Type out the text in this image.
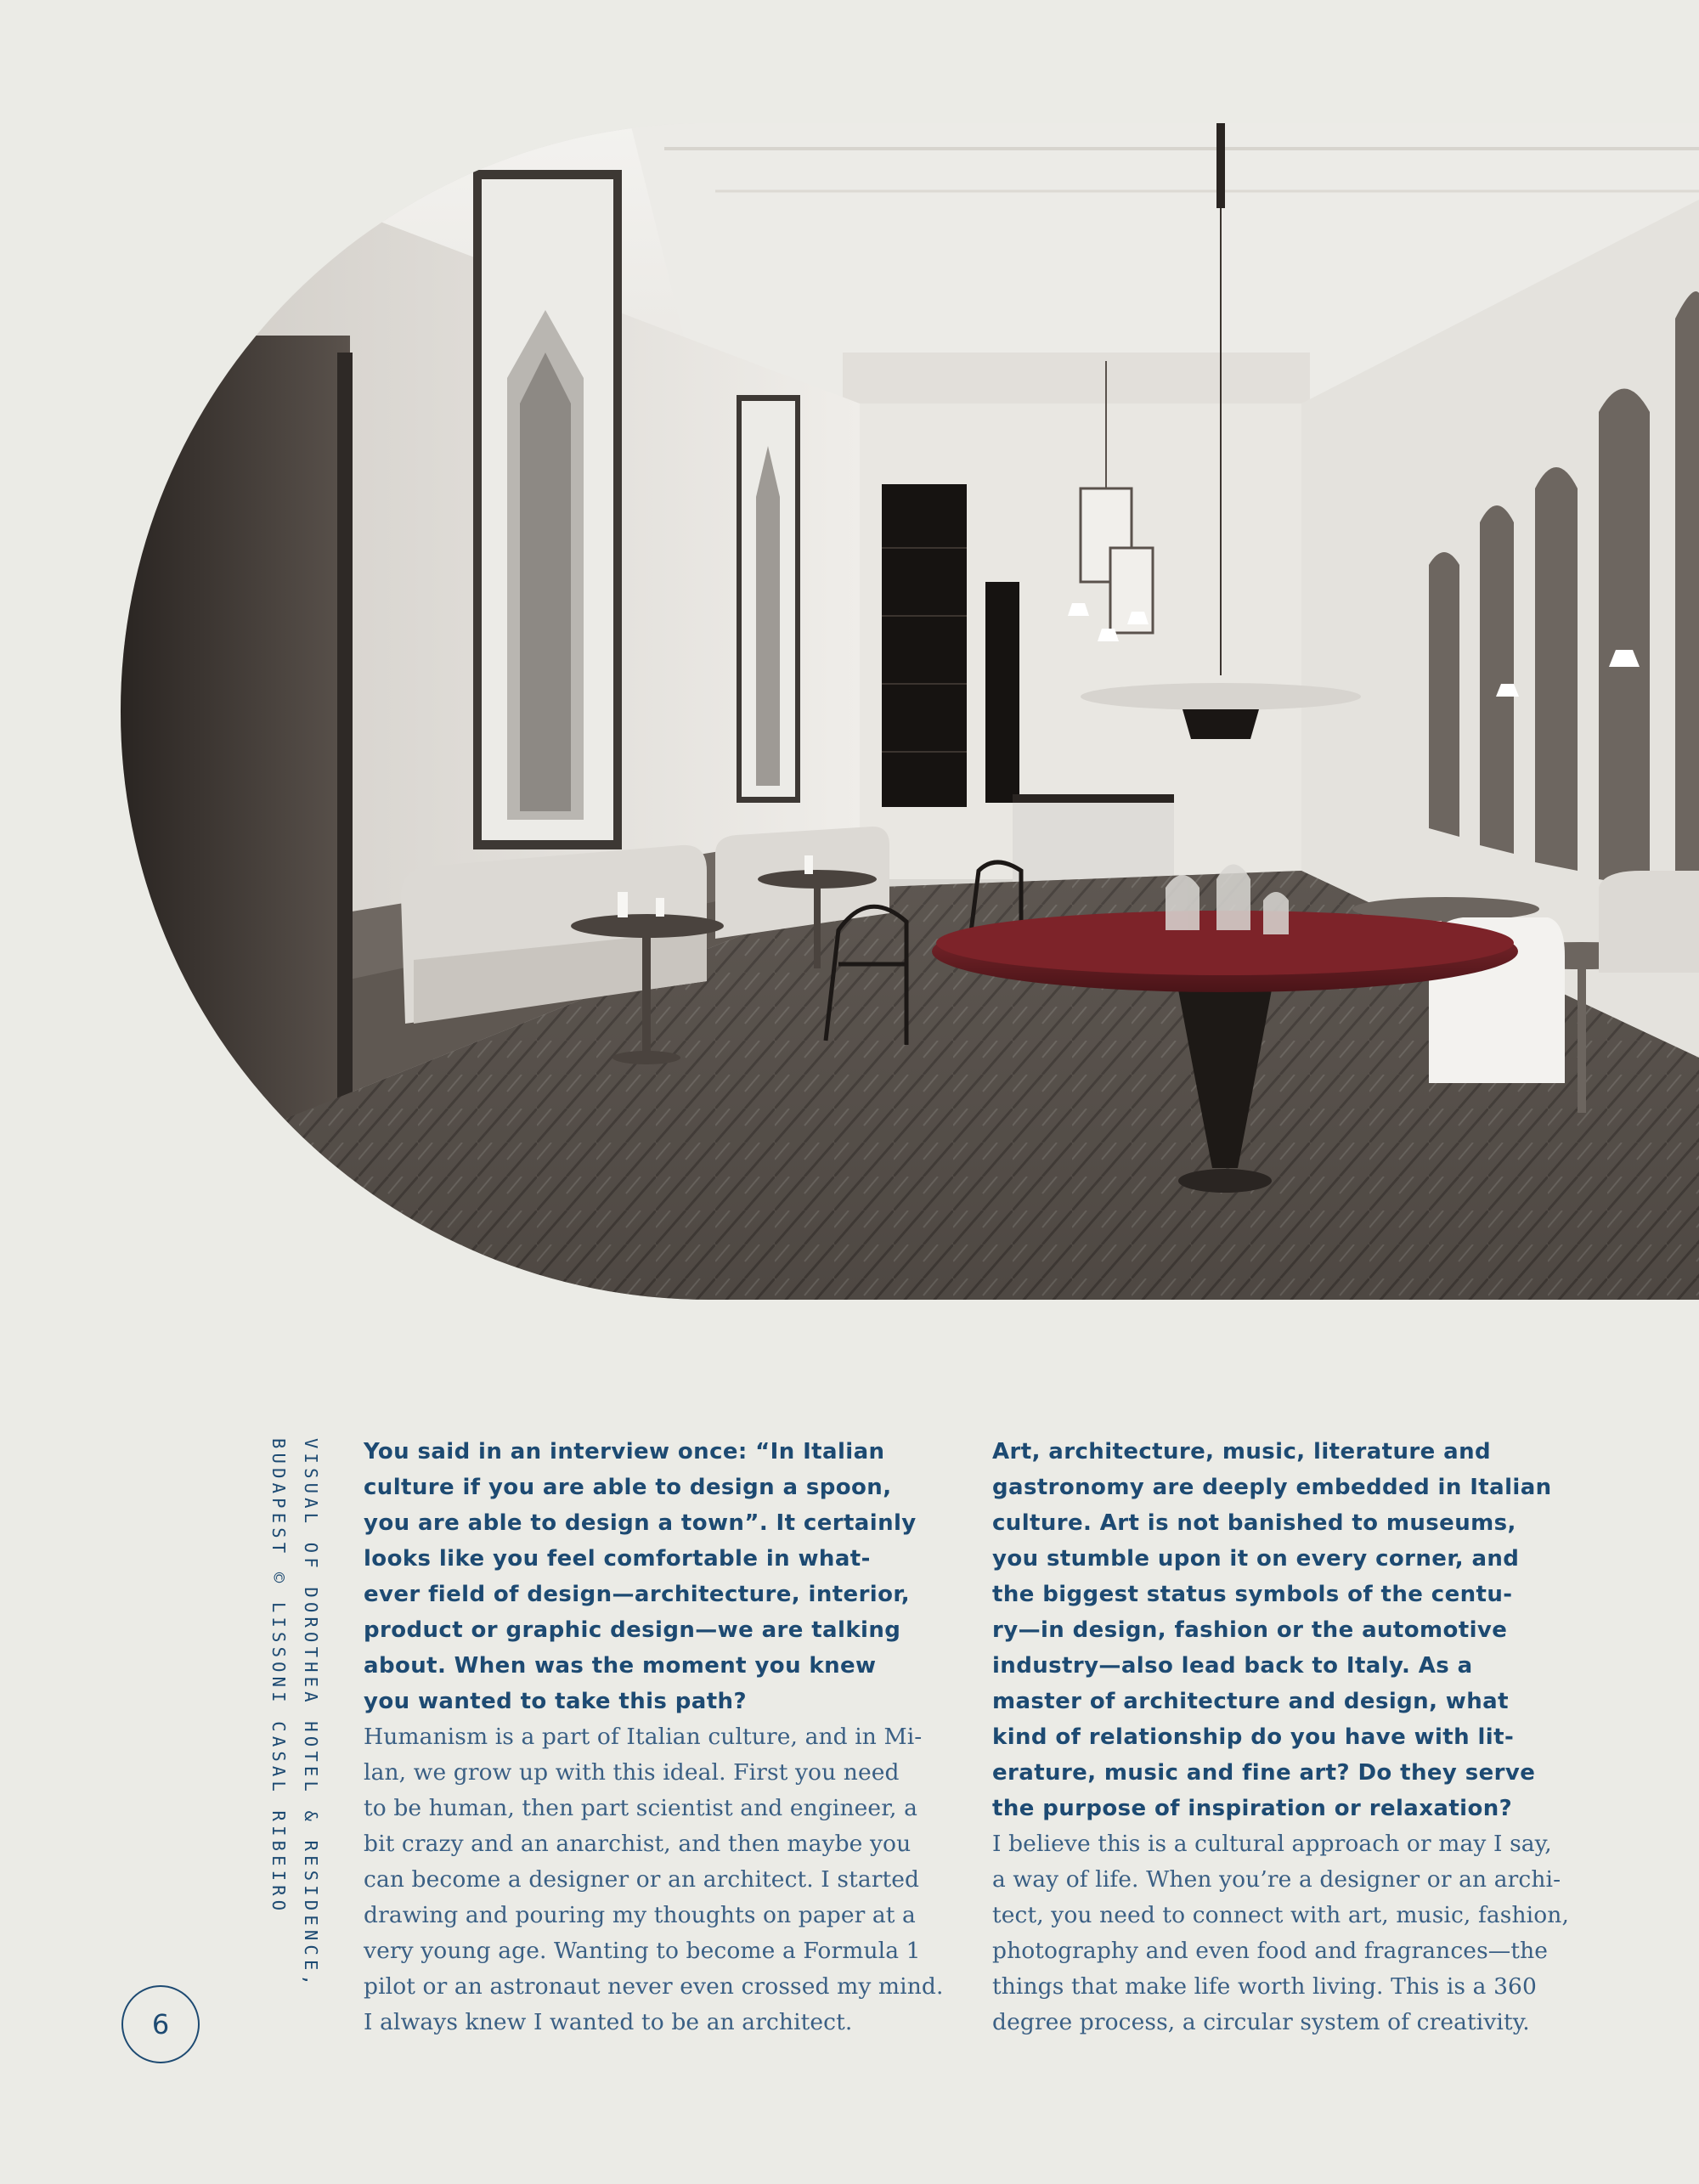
VISUAL OF DOROTHEA HOTEL & RESIDENCE,
BUDAPEST © LISSONI CASAL RIBEIRO	You said in an interview once: “In Italian
culture if you are able to design a spoon,
you are able to design a town”. It certainly
looks like you feel comfortable in what-
ever field of design—architecture, interior,
product or graphic design—we are talking
about. When was the moment you knew
you wanted to take this path?
Humanism is a part of Italian culture, and in Mi-
lan, we grow up with this ideal. First you need
to be human, then part scientist and engineer, a
bit crazy and an anarchist, and then maybe you
can become a designer or an architect. I started
drawing and pouring my thoughts on paper at a
very young age. Wanting to become a Formula 1
pilot or an astronaut never even crossed my mind.
I always knew I wanted to be an architect.
Art, architecture, music, literature and
gastronomy are deeply embedded in Italian
culture. Art is not banished to museums,
you stumble upon it on every corner, and
the biggest status symbols of the centu-
ry—in design, fashion or the automotive
industry—also lead back to Italy. As a
master of architecture and design, what
kind of relationship do you have with lit-
erature, music and fine art? Do they serve
the purpose of inspiration or relaxation?
I believe this is a cultural approach or may I say,
a way of life. When you’re a designer or an archi-
tect, you need to connect with art, music, fashion,
photography and even food and fragrances—the
things that make life worth living. This is a 360
degree process, a circular system of creativity.
6
